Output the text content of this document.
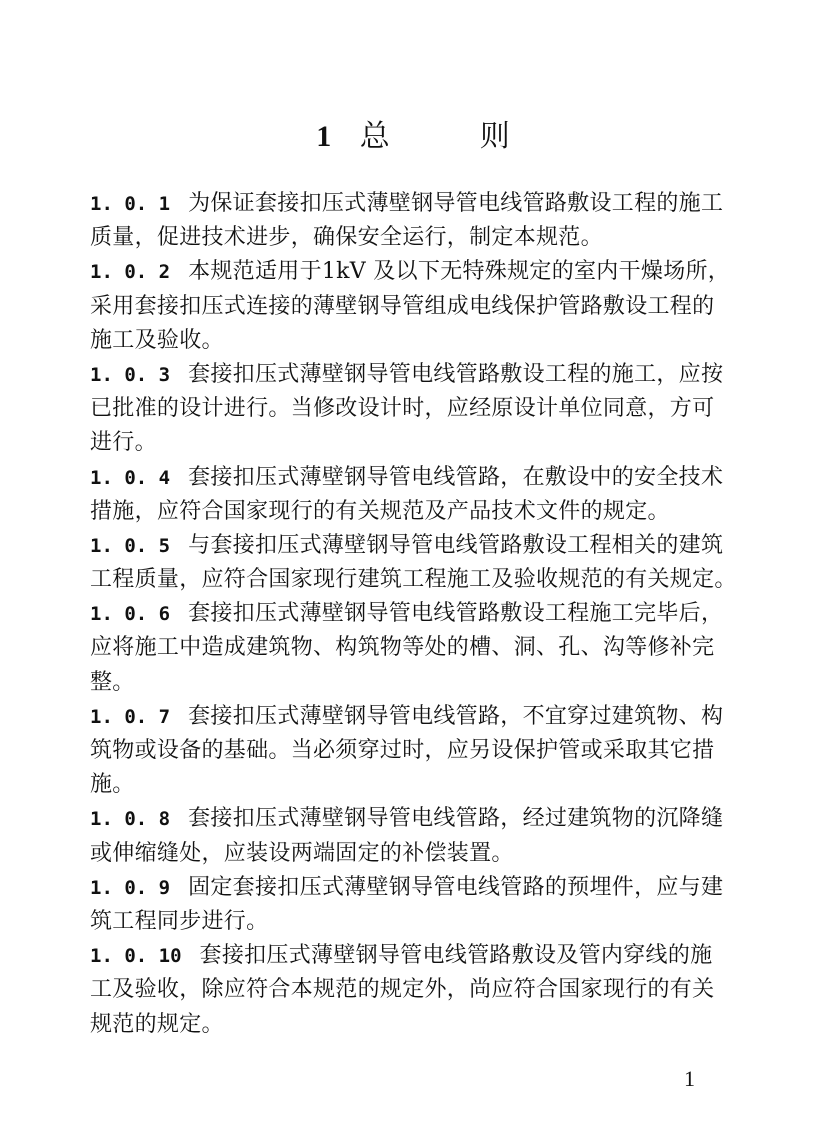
1 总　　　则
1. 0. 1 为保证套接扣压式薄壁钢导管电线管路敷设工程的施工
质量，促进技术进步，确保安全运行，制定本规范。
1. 0. 2 本规范适用于1kV 及以下无特殊规定的室内干燥场所，
采用套接扣压式连接的薄壁钢导管组成电线保护管路敷设工程的
施工及验收。
1. 0. 3 套接扣压式薄壁钢导管电线管路敷设工程的施工，应按
已批准的设计进行。当修改设计时，应经原设计单位同意，方可
进行。
1. 0. 4 套接扣压式薄壁钢导管电线管路，在敷设中的安全技术
措施，应符合国家现行的有关规范及产品技术文件的规定。
1. 0. 5 与套接扣压式薄壁钢导管电线管路敷设工程相关的建筑
工程质量，应符合国家现行建筑工程施工及验收规范的有关规定。
1. 0. 6 套接扣压式薄壁钢导管电线管路敷设工程施工完毕后，
应将施工中造成建筑物、构筑物等处的槽、洞、孔、沟等修补完
整。
1. 0. 7 套接扣压式薄壁钢导管电线管路，不宜穿过建筑物、构
筑物或设备的基础。当必须穿过时，应另设保护管或采取其它措
施。
1. 0. 8 套接扣压式薄壁钢导管电线管路，经过建筑物的沉降缝
或伸缩缝处，应装设两端固定的补偿装置。
1. 0. 9 固定套接扣压式薄壁钢导管电线管路的预埋件，应与建
筑工程同步进行。
1. 0. 10 套接扣压式薄壁钢导管电线管路敷设及管内穿线的施
工及验收，除应符合本规范的规定外，尚应符合国家现行的有关
规范的规定。
1
